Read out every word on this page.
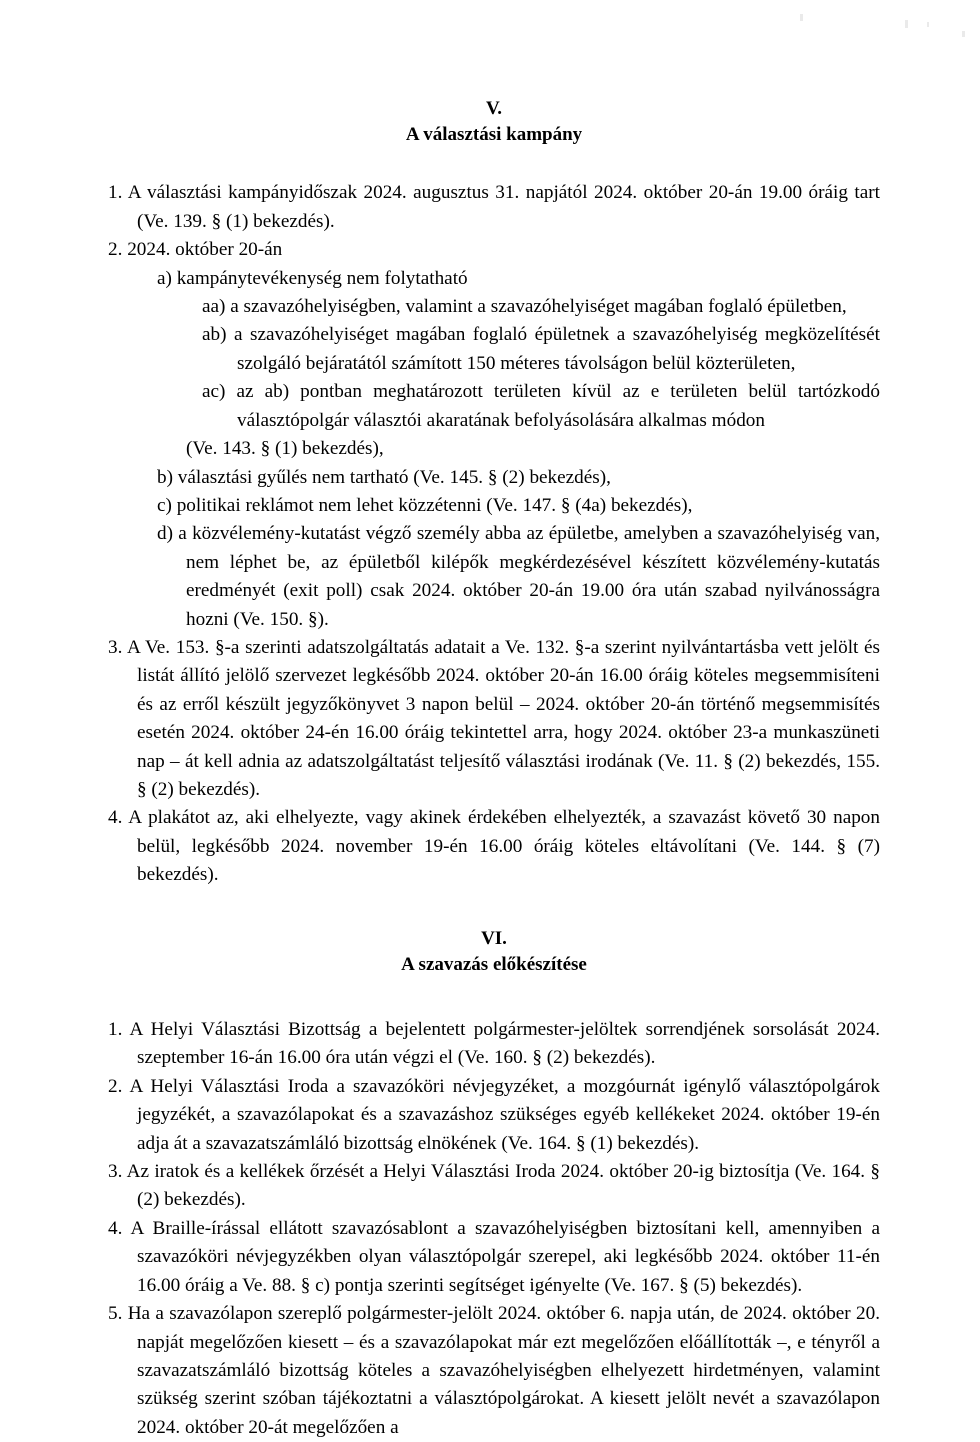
V.
A választási kampány

1. A választási kampányidőszak 2024. augusztus 31. napjától 2024. október 20-án 19.00 óráig tart (Ve. 139. § (1) bekezdés).

2. 2024. október 20-án

a) kampánytevékenység nem folytatható

aa) a szavazóhelyiségben, valamint a szavazóhelyiséget magában foglaló épületben,

ab) a szavazóhelyiséget magában foglaló épületnek a szavazóhelyiség megközelítését szolgáló bejáratától számított 150 méteres távolságon belül közterületen,

ac) az ab) pontban meghatározott területen kívül az e területen belül tartózkodó választópolgár választói akaratának befolyásolására alkalmas módon

(Ve. 143. § (1) bekezdés),

b) választási gyűlés nem tartható (Ve. 145. § (2) bekezdés),

c) politikai reklámot nem lehet közzétenni (Ve. 147. § (4a) bekezdés),

d) a közvélemény-kutatást végző személy abba az épületbe, amelyben a szavazóhelyiség van, nem léphet be, az épületből kilépők megkérdezésével készített közvélemény-kutatás eredményét (exit poll) csak 2024. október 20-án 19.00 óra után szabad nyilvánosságra hozni (Ve. 150. §).

3. A Ve. 153. §-a szerinti adatszolgáltatás adatait a Ve. 132. §-a szerint nyilvántartásba vett jelölt és listát állító jelölő szervezet legkésőbb 2024. október 20-án 16.00 óráig köteles megsemmisíteni és az erről készült jegyzőkönyvet 3 napon belül – 2024. október 20-án történő megsemmisítés esetén 2024. október 24-én 16.00 óráig tekintettel arra, hogy 2024. október 23-a munkaszüneti nap – át kell adnia az adatszolgáltatást teljesítő választási irodának (Ve. 11. § (2) bekezdés, 155. § (2) bekezdés).

4. A plakátot az, aki elhelyezte, vagy akinek érdekében elhelyezték, a szavazást követő 30 napon belül, legkésőbb 2024. november 19-én 16.00 óráig köteles eltávolítani (Ve. 144. § (7) bekezdés).

VI.
A szavazás előkészítése

1. A Helyi Választási Bizottság a bejelentett polgármester-jelöltek sorrendjének sorsolását 2024. szeptember 16-án 16.00 óra után végzi el (Ve. 160. § (2) bekezdés).

2. A Helyi Választási Iroda a szavazóköri névjegyzéket, a mozgóurnát igénylő választópolgárok jegyzékét, a szavazólapokat és a szavazáshoz szükséges egyéb kellékeket 2024. október 19-én adja át a szavazatszámláló bizottság elnökének (Ve. 164. § (1) bekezdés).

3. Az iratok és a kellékek őrzését a Helyi Választási Iroda 2024. október 20-ig biztosítja (Ve. 164. § (2) bekezdés).

4. A Braille-írással ellátott szavazósablont a szavazóhelyiségben biztosítani kell, amennyiben a szavazóköri névjegyzékben olyan választópolgár szerepel, aki legkésőbb 2024. október 11-én 16.00 óráig a Ve. 88. § c) pontja szerinti segítséget igényelte (Ve. 167. § (5) bekezdés).

5. Ha a szavazólapon szereplő polgármester-jelölt 2024. október 6. napja után, de 2024. október 20. napját megelőzően kiesett – és a szavazólapokat már ezt megelőzően előállították –, e tényről a szavazatszámláló bizottság köteles a szavazóhelyiségben elhelyezett hirdetményen, valamint szükség szerint szóban tájékoztatni a választópolgárokat. A kiesett jelölt nevét a szavazólapon 2024. október 20-át megelőzően a
